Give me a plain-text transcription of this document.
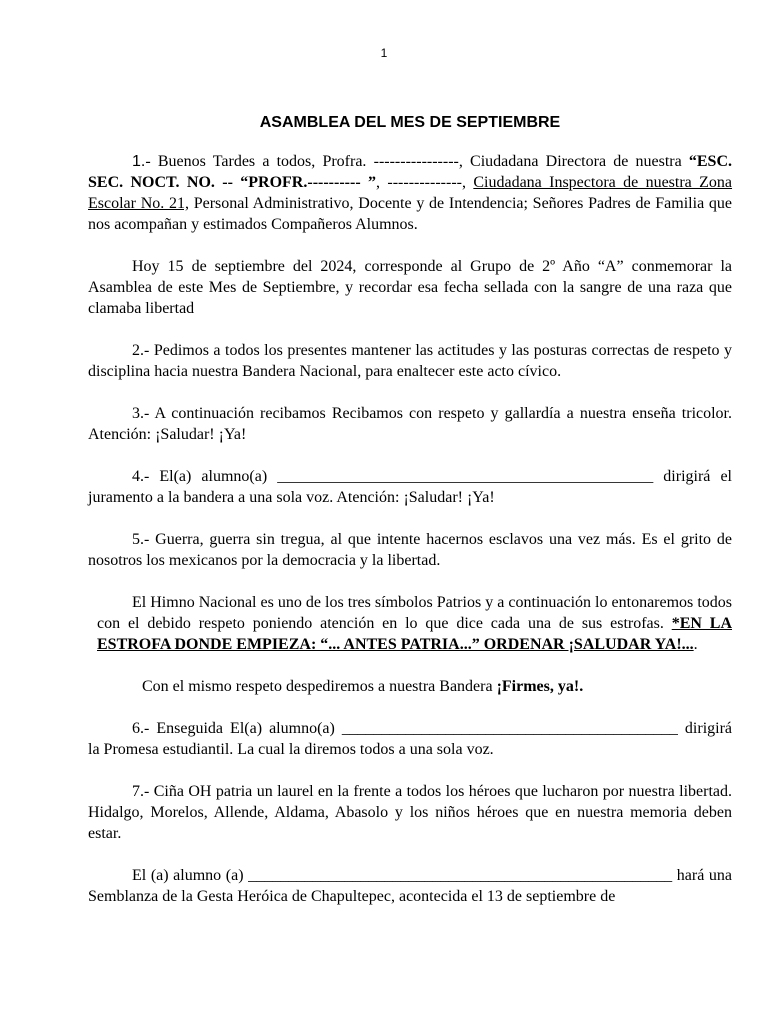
1
ASAMBLEA DEL MES DE SEPTIEMBRE

1.- Buenos Tardes a todos, Profra. ----------------, Ciudadana Directora de nuestra “ESC. SEC. NOCT. NO. -- “PROFR.---------- ”, --------------, Ciudadana Inspectora de nuestra Zona Escolar No. 21, Personal Administrativo, Docente y de Intendencia; Señores Padres de Familia que nos acompañan y estimados Compañeros Alumnos.

Hoy 15 de septiembre del 2024, corresponde al Grupo de 2º Año “A” conmemorar la Asamblea de este Mes de Septiembre, y recordar esa fecha sellada con la sangre de una raza que clamaba libertad

2.- Pedimos a todos los presentes mantener las actitudes y las posturas correctas de respeto y disciplina hacia nuestra Bandera Nacional, para enaltecer este acto cívico.

3.- A continuación recibamos Recibamos con respeto y gallardía a nuestra enseña tricolor. Atención: ¡Saludar! ¡Ya!

4.- El(a) alumno(a) _______________________________________________ dirigirá el juramento a la bandera a una sola voz. Atención: ¡Saludar! ¡Ya!

5.- Guerra, guerra sin tregua, al que intente hacernos esclavos una vez más. Es el grito de nosotros los mexicanos por la democracia y la libertad.

El Himno Nacional es uno de los tres símbolos Patrios y a continuación lo entonaremos todos con el debido respeto poniendo atención en lo que dice cada una de sus estrofas. *EN LA ESTROFA DONDE EMPIEZA: “... ANTES PATRIA...” ORDENAR ¡SALUDAR YA!....

Con el mismo respeto despediremos a nuestra Bandera ¡Firmes, ya!.

6.- Enseguida El(a) alumno(a) __________________________________________ dirigirá la Promesa estudiantil. La cual la diremos todos a una sola voz.

7.- Ciña OH patria un laurel en la frente a todos los héroes que lucharon por nuestra libertad. Hidalgo, Morelos, Allende, Aldama, Abasolo y los niños héroes que en nuestra memoria deben estar.

El (a) alumno (a) _____________________________________________________ hará una Semblanza de la Gesta Heróica de Chapultepec, acontecida el 13 de septiembre de
